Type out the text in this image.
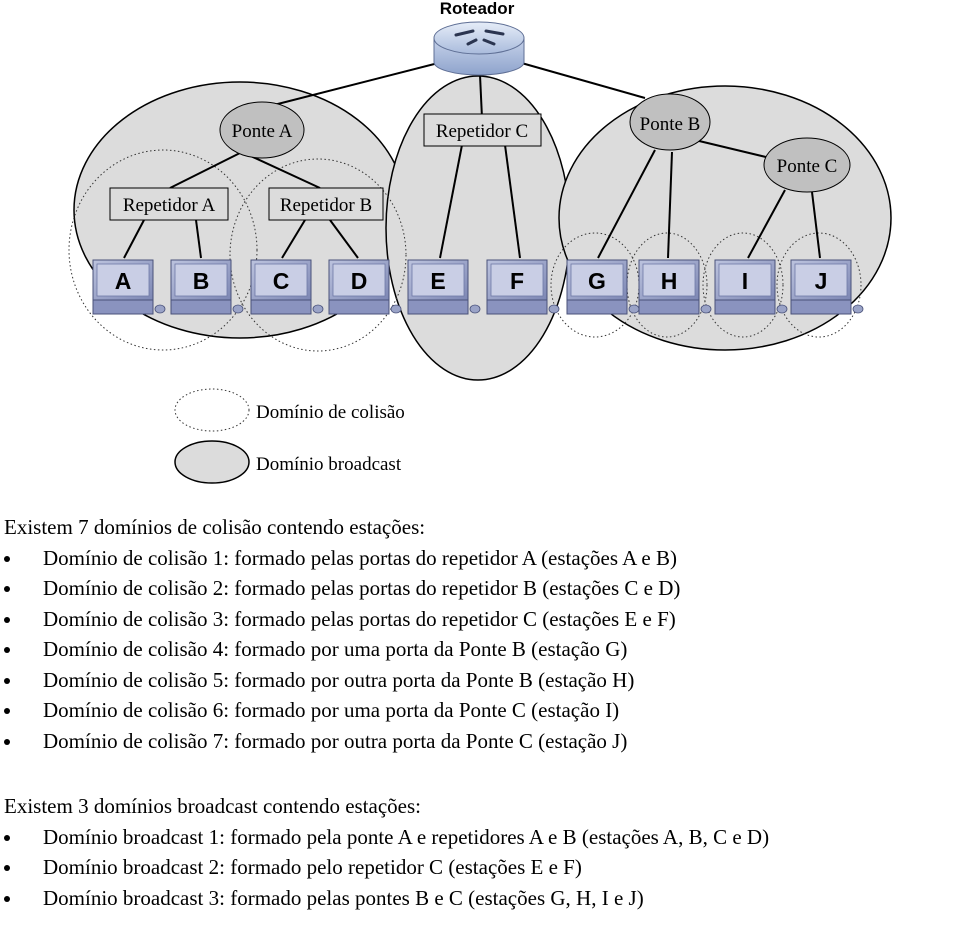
Roteador
Ponte A	Ponte B
Ponte C
Repetidor A	Repetidor B
Repetidor C
A	B	C	D	E	F	G H	I	J
Domínio de colisão
Domínio broadcast

Existem 7 domínios de colisão contendo estações:

Domínio de colisão 1: formado pelas portas do repetidor A (estações A e B)
Domínio de colisão 2: formado pelas portas do repetidor B (estações C e D)
Domínio de colisão 3: formado pelas portas do repetidor C (estações E e F)
Domínio de colisão 4: formado por uma porta da Ponte B (estação G)
Domínio de colisão 5: formado por outra porta da Ponte B (estação H)
Domínio de colisão 6: formado por uma porta da Ponte C (estação I)
Domínio de colisão 7: formado por outra porta da Ponte C (estação J)

Existem 3 domínios broadcast contendo estações:

Domínio broadcast 1: formado pela ponte A e repetidores A e B (estações A, B, C e D)
Domínio broadcast 2: formado pelo repetidor C (estações E e F)
Domínio broadcast 3: formado pelas pontes B e C (estações G, H, I e J)
